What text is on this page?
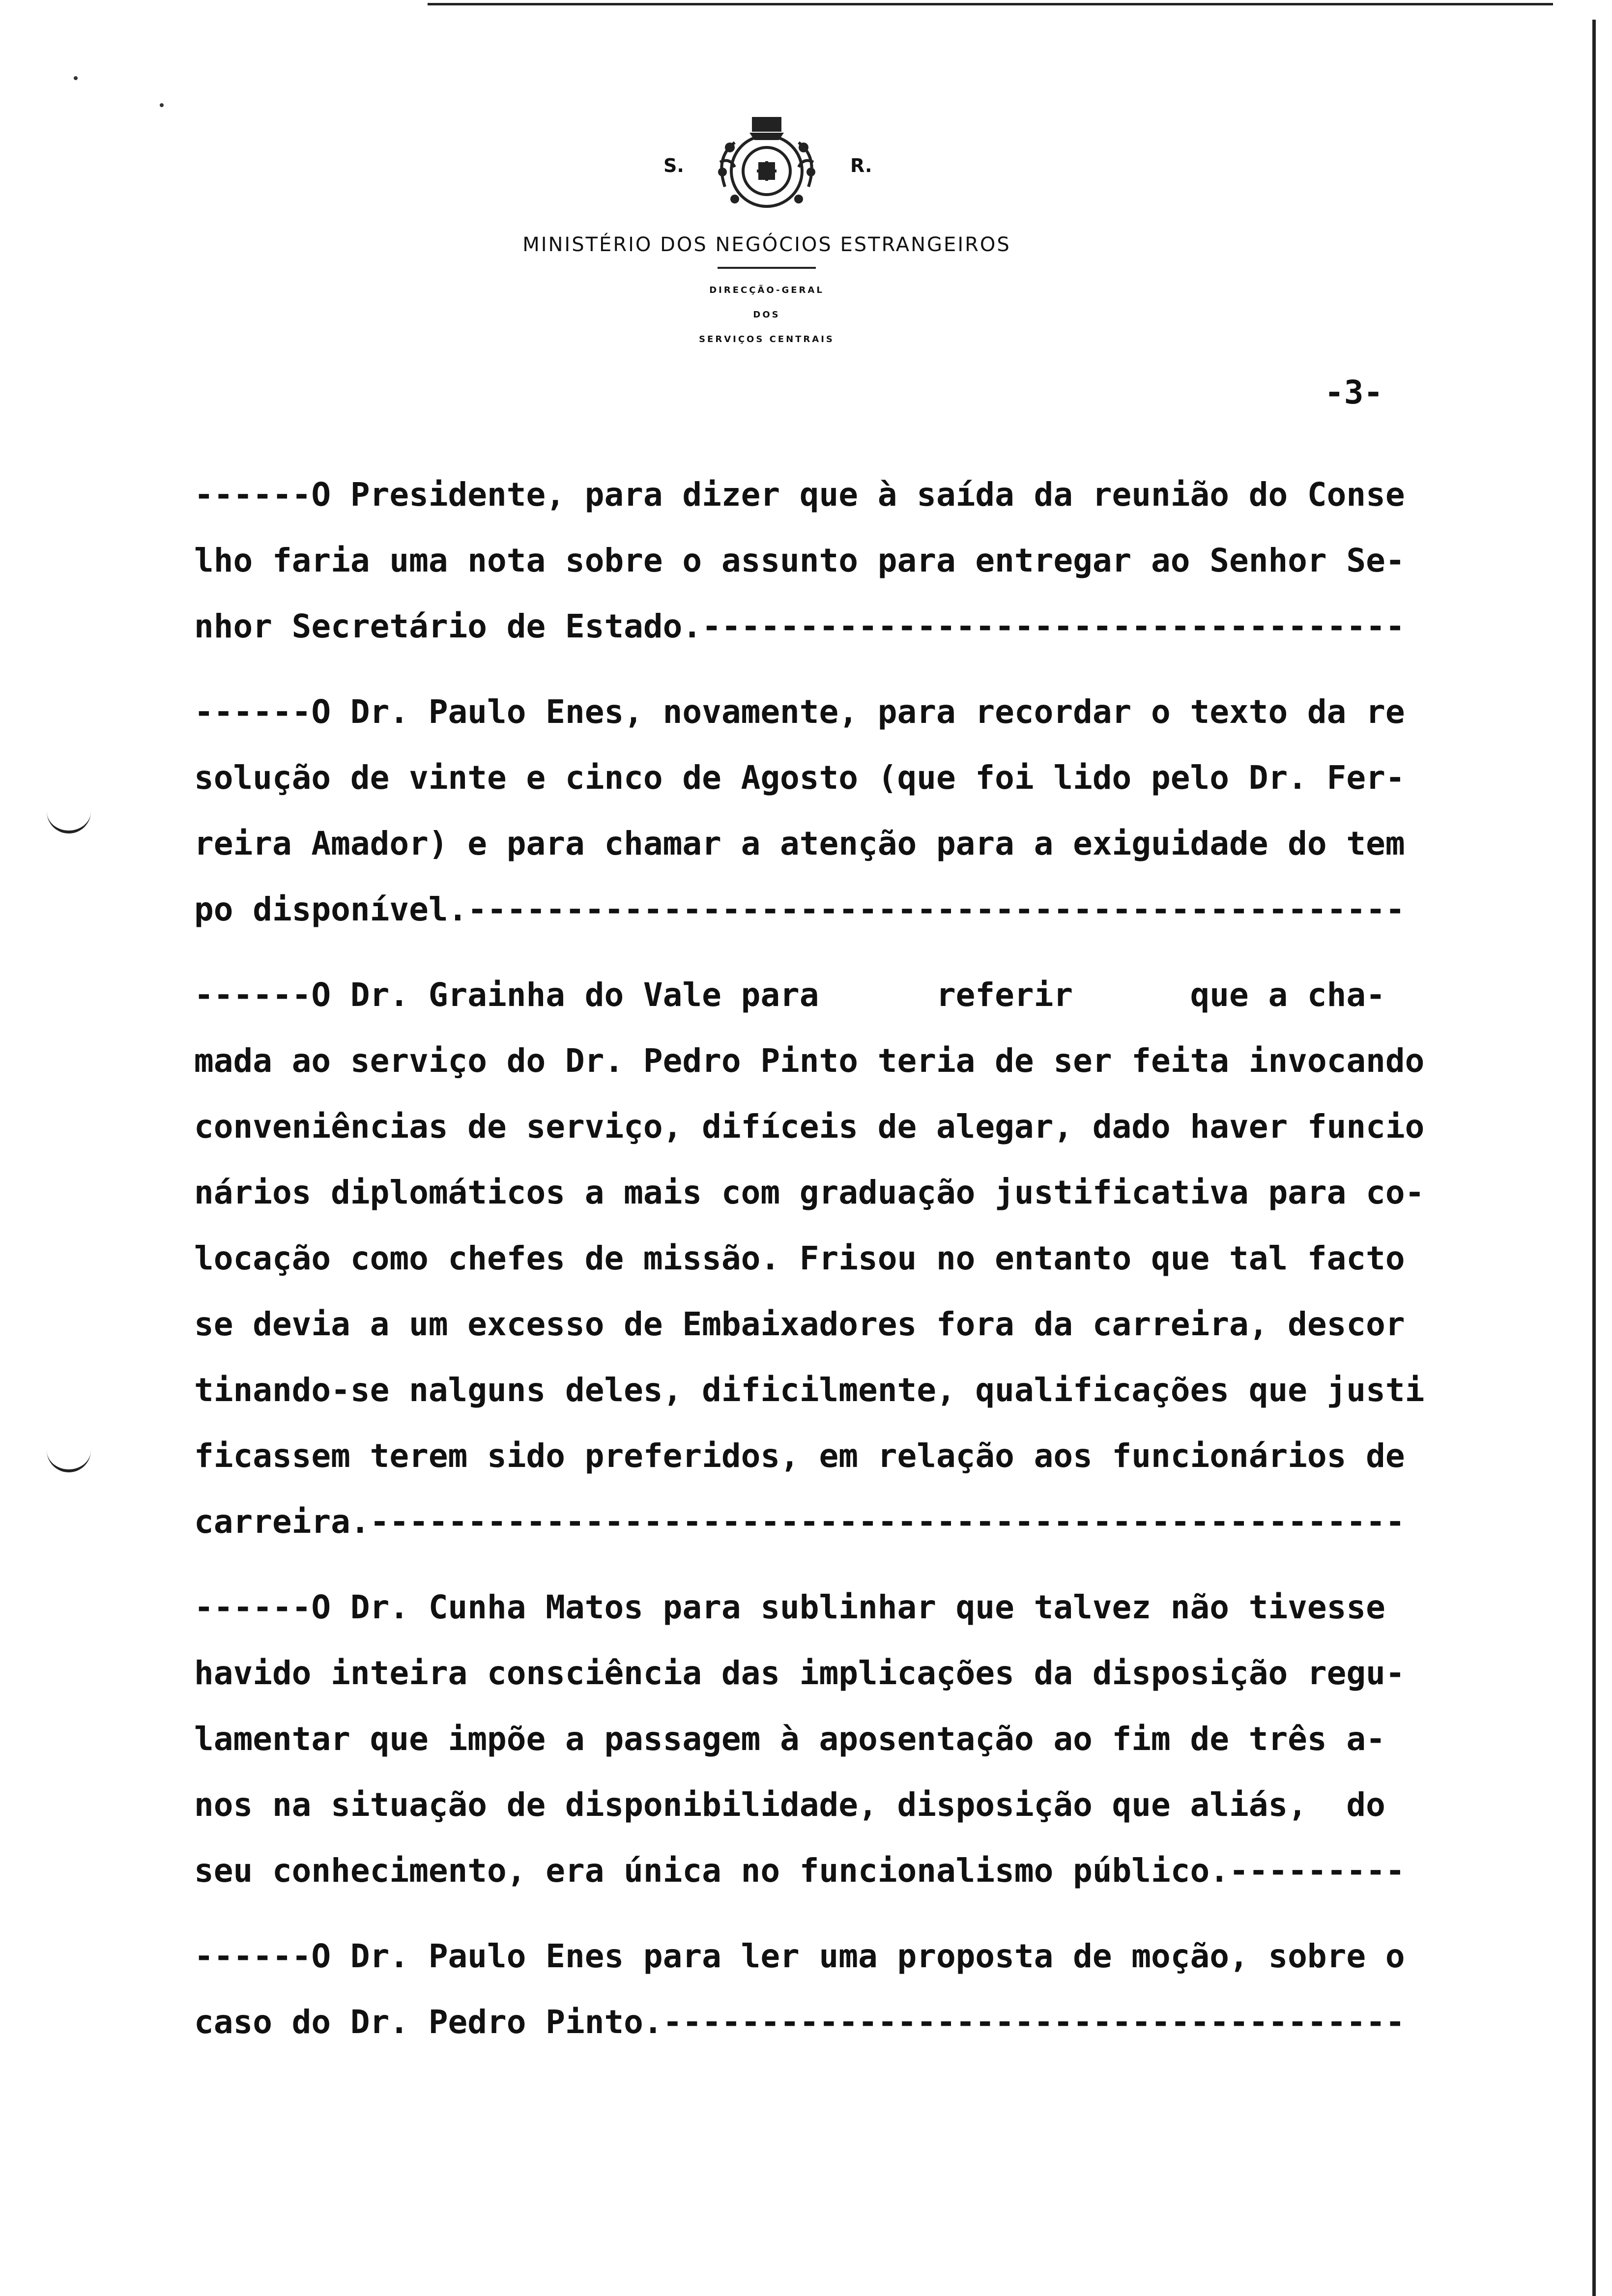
S.	R.
MINISTÉRIO DOS NEGÓCIOS ESTRANGEIROS
DIRECÇÃO-GERAL
DOS
SERVIÇOS CENTRAIS
-3-
------O Presidente, para dizer que à saída da reunião do Conse
lho faria uma nota sobre o assunto para entregar ao Senhor Se-
nhor Secretário de Estado.------------------------------------
------O Dr. Paulo Enes, novamente, para recordar o texto da re
solução de vinte e cinco de Agosto (que foi lido pelo Dr. Fer-
reira Amador) e para chamar a atenção para a exiguidade do tem
po disponível.------------------------------------------------
------O Dr. Grainha do Vale para      referir      que a cha-
mada ao serviço do Dr. Pedro Pinto teria de ser feita invocando
conveniências de serviço, difíceis de alegar, dado haver funcio
nários diplomáticos a mais com graduação justificativa para co-
locação como chefes de missão. Frisou no entanto que tal facto
se devia a um excesso de Embaixadores fora da carreira, descor
tinando-se nalguns deles, dificilmente, qualificações que justi
ficassem terem sido preferidos, em relação aos funcionários de
carreira.-----------------------------------------------------
------O Dr. Cunha Matos para sublinhar que talvez não tivesse
havido inteira consciência das implicações da disposição regu-
lamentar que impõe a passagem à aposentação ao fim de três a-
nos na situação de disponibilidade, disposição que aliás,  do
seu conhecimento, era única no funcionalismo público.---------
------O Dr. Paulo Enes para ler uma proposta de moção, sobre o
caso do Dr. Pedro Pinto.--------------------------------------
